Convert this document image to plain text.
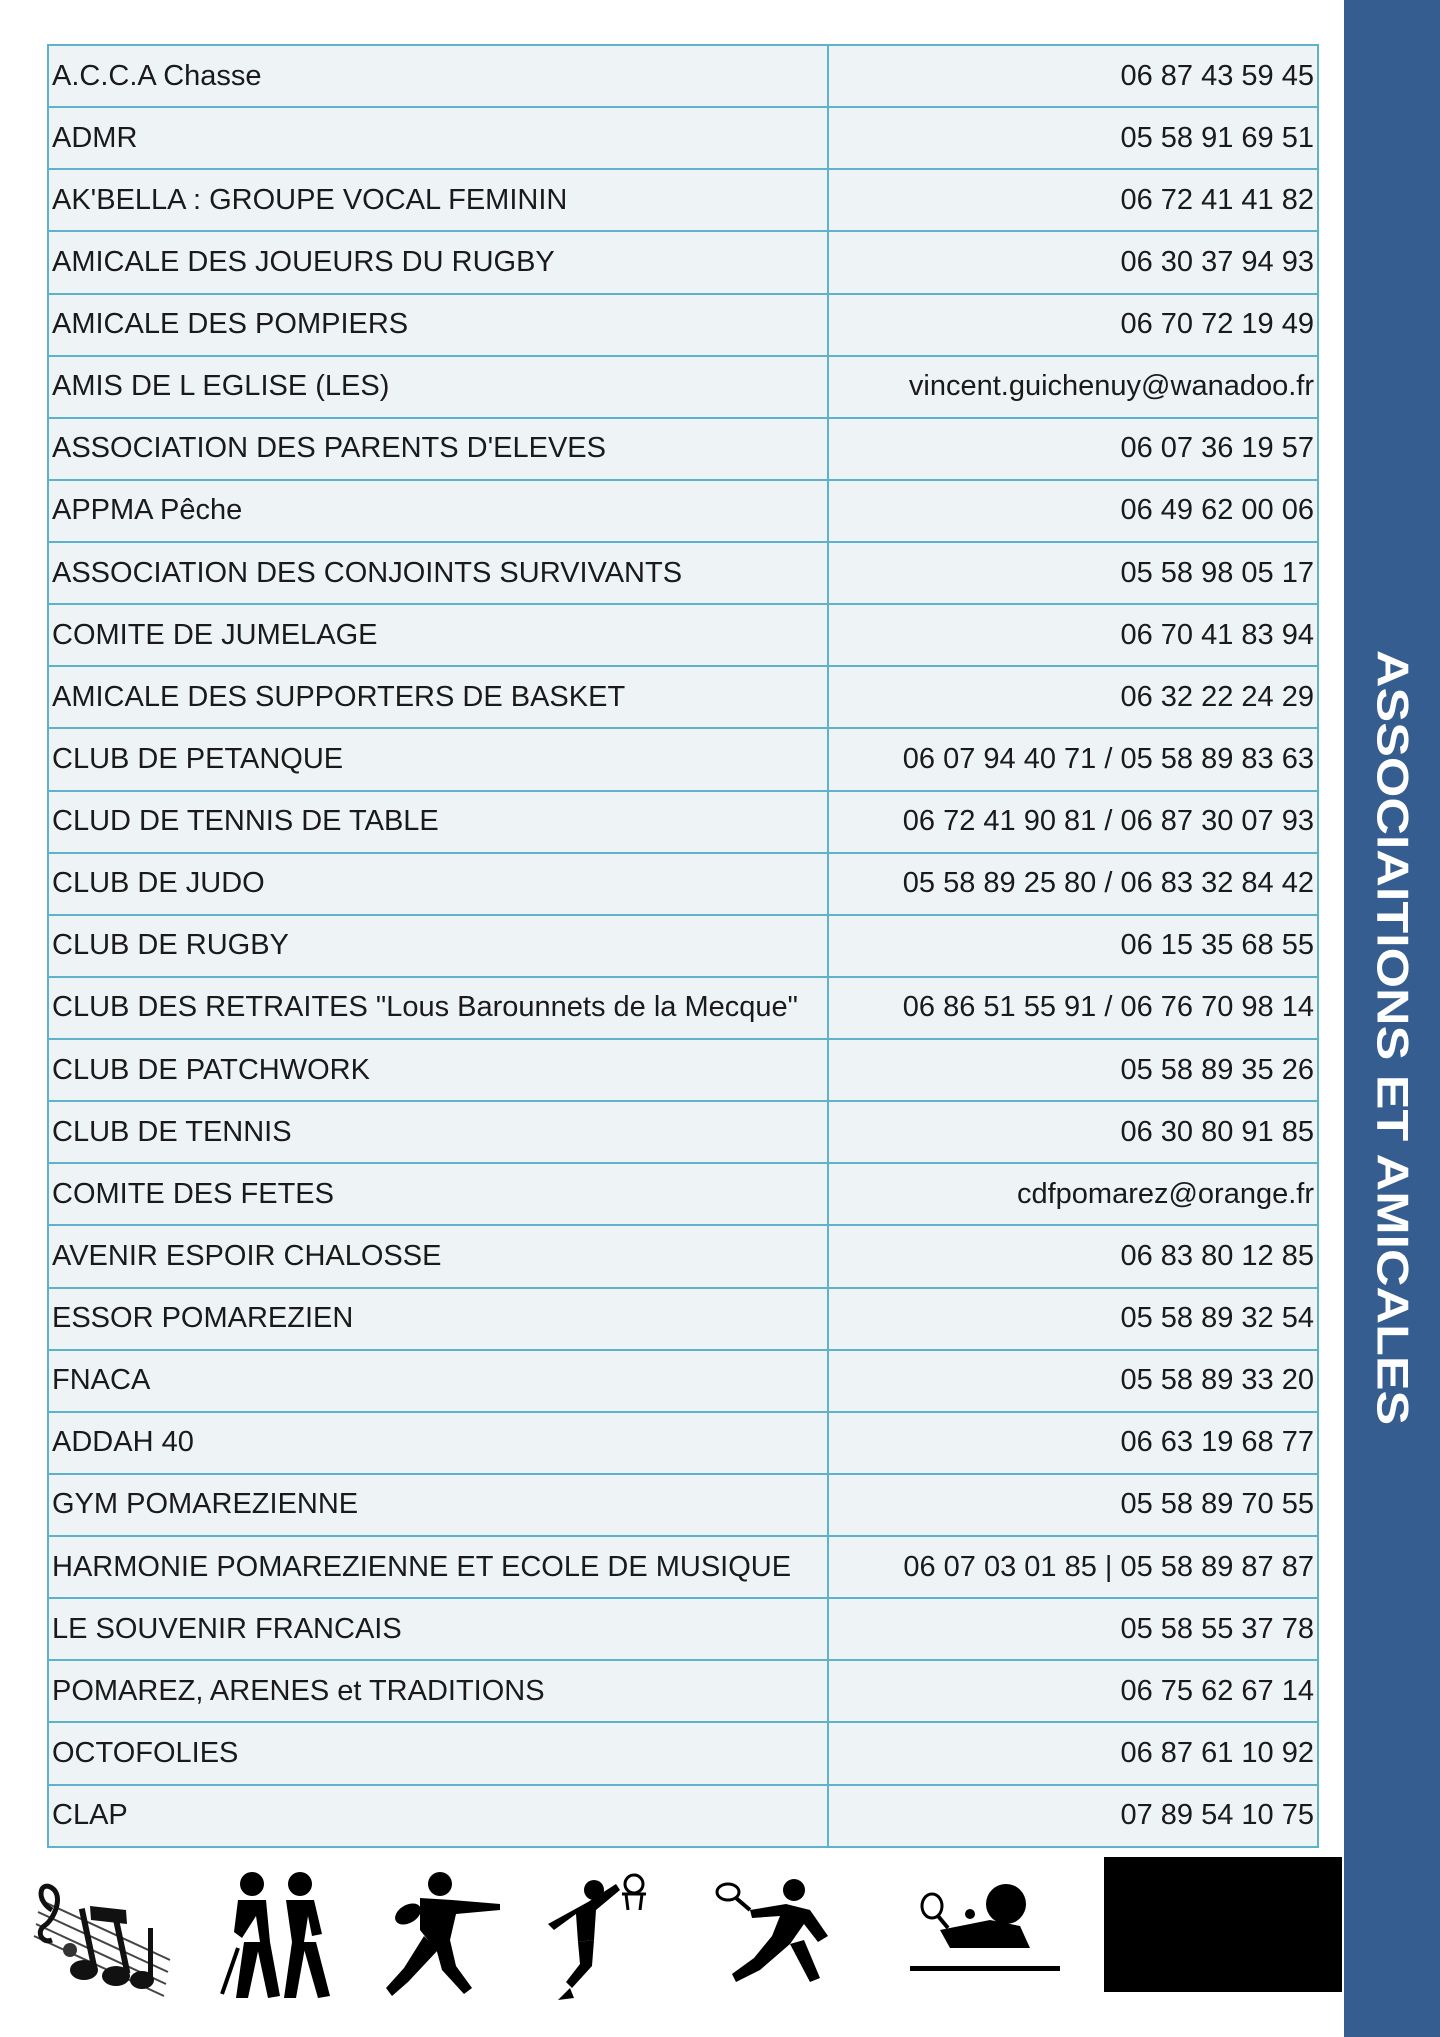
ASSOCIAITIONS ET AMICALES
A.C.C.A Chasse	06 87 43 59 45
ADMR	05 58 91 69 51
AK'BELLA : GROUPE VOCAL FEMININ	06 72 41 41 82
AMICALE DES JOUEURS DU RUGBY	06 30 37 94 93
AMICALE DES POMPIERS	06 70 72 19 49
AMIS DE L EGLISE (LES)	vincent.guichenuy@wanadoo.fr
ASSOCIATION DES PARENTS D'ELEVES	06 07 36 19 57
APPMA Pêche	06 49 62 00 06
ASSOCIATION DES CONJOINTS SURVIVANTS	05 58 98 05 17
COMITE DE JUMELAGE	06 70 41 83 94
AMICALE DES SUPPORTERS DE BASKET	06 32 22 24 29
CLUB DE PETANQUE	06 07 94 40 71 / 05 58 89 83 63
CLUD DE TENNIS DE TABLE	06 72 41 90 81 / 06 87 30 07 93
CLUB DE JUDO	05 58 89 25 80 / 06 83 32 84 42
CLUB DE RUGBY	06 15 35 68 55
CLUB DES RETRAITES "Lous Barounnets de la Mecque"	06 86 51 55 91 / 06 76 70 98 14
CLUB DE PATCHWORK	05 58 89 35 26
CLUB DE TENNIS	06 30 80 91 85
COMITE DES FETES	cdfpomarez@orange.fr
AVENIR ESPOIR CHALOSSE	06 83 80 12 85
ESSOR POMAREZIEN	05 58 89 32 54
FNACA	05 58 89 33 20
ADDAH 40	06 63 19 68 77
GYM POMAREZIENNE	05 58 89 70 55
HARMONIE POMAREZIENNE ET ECOLE DE MUSIQUE	06 07 03 01 85 | 05 58 89 87 87
LE SOUVENIR FRANCAIS	05 58 55 37 78
POMAREZ, ARENES et TRADITIONS	06 75 62 67 14
OCTOFOLIES	06 87 61 10 92
CLAP	07 89 54 10 75
